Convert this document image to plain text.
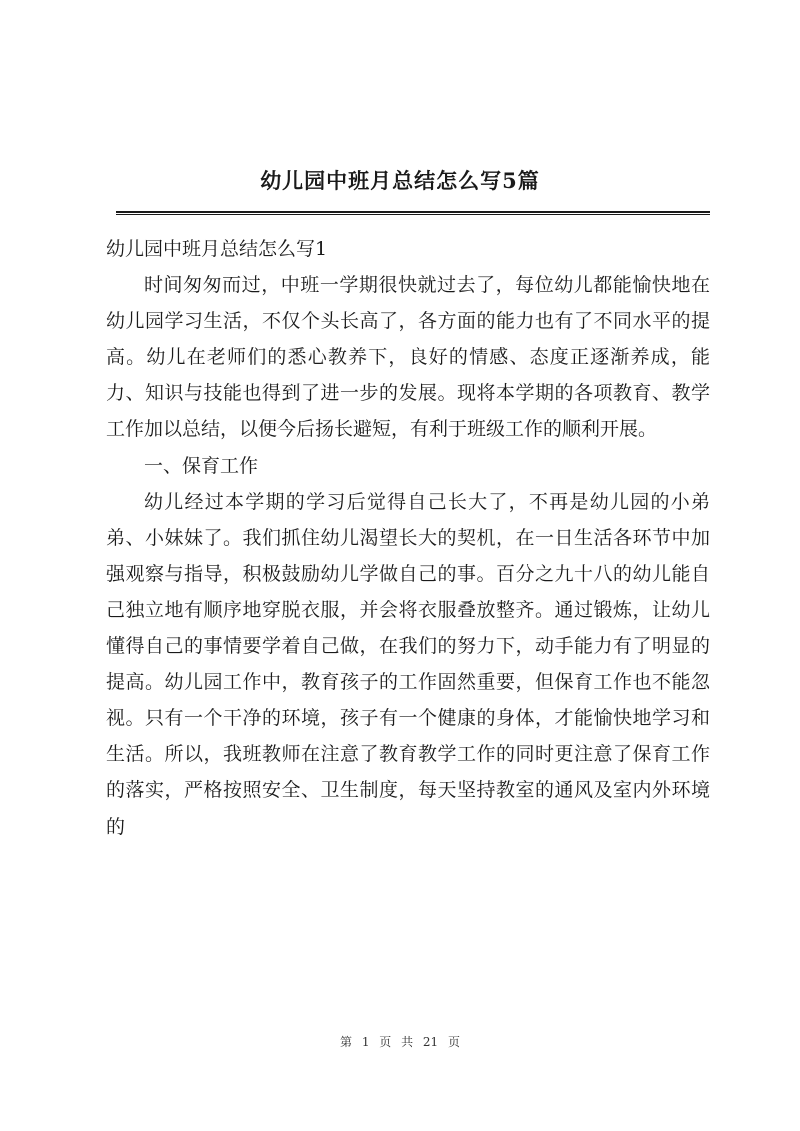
幼儿园中班月总结怎么写5篇

幼儿园中班月总结怎么写1

时间匆匆而过，中班一学期很快就过去了，每位幼儿都能愉快地在幼儿园学习生活，不仅个头长高了，各方面的能力也有了不同水平的提高。幼儿在老师们的悉心教养下，良好的情感、态度正逐渐养成，能力、知识与技能也得到了进一步的发展。现将本学期的各项教育、教学工作加以总结，以便今后扬长避短，有利于班级工作的顺利开展。

一、保育工作

幼儿经过本学期的学习后觉得自己长大了，不再是幼儿园的小弟弟、小妹妹了。我们抓住幼儿渴望长大的契机，在一日生活各环节中加强观察与指导，积极鼓励幼儿学做自己的事。百分之九十八的幼儿能自己独立地有顺序地穿脱衣服，并会将衣服叠放整齐。通过锻炼，让幼儿懂得自己的事情要学着自己做，在我们的努力下，动手能力有了明显的提高。幼儿园工作中，教育孩子的工作固然重要，但保育工作也不能忽视。只有一个干净的环境，孩子有一个健康的身体，才能愉快地学习和生活。所以，我班教师在注意了教育教学工作的同时更注意了保育工作的落实，严格按照安全、卫生制度，每天坚持教室的通风及室内外环境的

第 1 页 共 21 页
